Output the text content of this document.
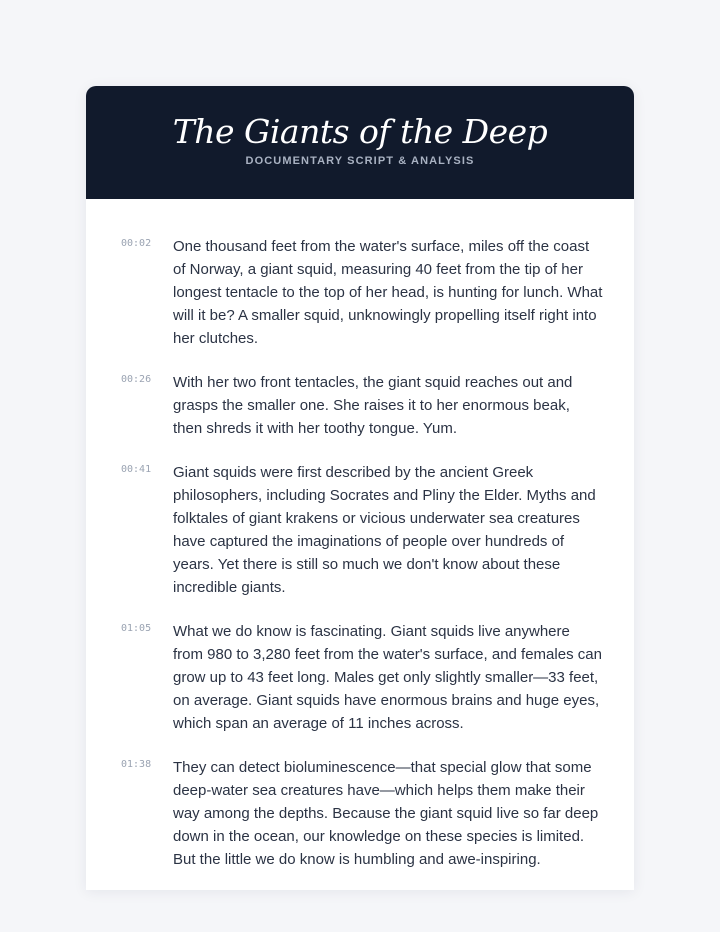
The Giants of the Deep
DOCUMENTARY SCRIPT & ANALYSIS
00:02	One thousand feet from the water's surface, miles off the coast of Norway, a giant squid, measuring 40 feet from the tip of her longest tentacle to the top of her head, is hunting for lunch. What will it be? A smaller squid, unknowingly propelling itself right into her clutches.

00:26	With her two front tentacles, the giant squid reaches out and grasps the smaller one. She raises it to her enormous beak, then shreds it with her toothy tongue. Yum.

00:41	Giant squids were first described by the ancient Greek philosophers, including Socrates and Pliny the Elder. Myths and folktales of giant krakens or vicious underwater sea creatures have captured the imaginations of people over hundreds of years. Yet there is still so much we don't know about these incredible giants.

01:05	What we do know is fascinating. Giant squids live anywhere from 980 to 3,280 feet from the water's surface, and females can grow up to 43 feet long. Males get only slightly smaller—33 feet, on average. Giant squids have enormous brains and huge eyes, which span an average of 11 inches across.

01:38	They can detect bioluminescence—that special glow that some deep-water sea creatures have—which helps them make their way among the depths. Because the giant squid live so far deep down in the ocean, our knowledge on these species is limited. But the little we do know is humbling and awe-inspiring.
